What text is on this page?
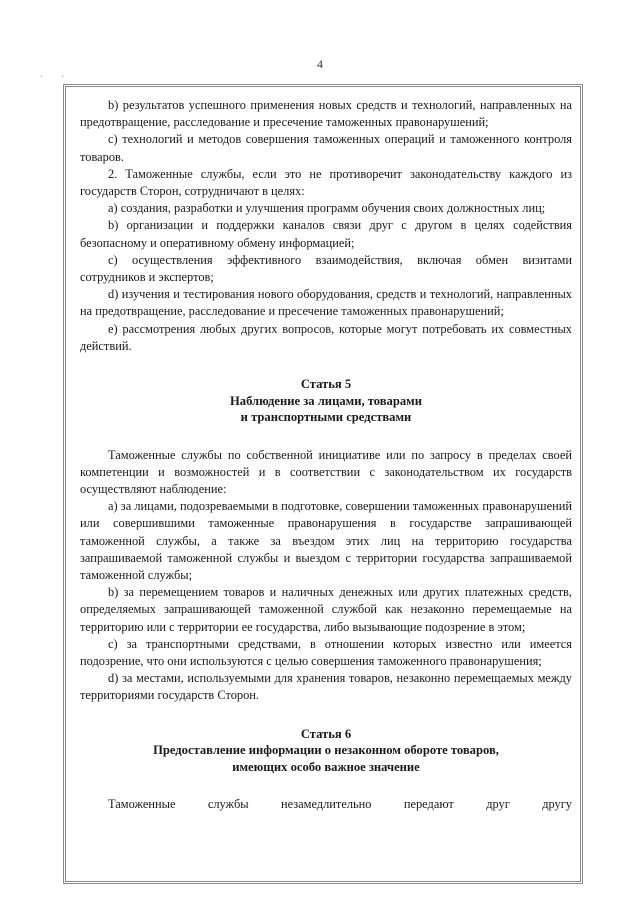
·       ·
4

b) результатов успешного применения новых средств и технологий, направленных на предотвращение, расследование и пресечение таможенных правонарушений;

c) технологий и методов совершения таможенных операций и таможенного контроля товаров.

2. Таможенные службы, если это не противоречит законодательству каждого из государств Сторон, сотрудничают в целях:

a) создания, разработки и улучшения программ обучения своих должностных лиц;

b) организации и поддержки каналов связи друг с другом в целях содействия безопасному и оперативному обмену информацией;

c) осуществления эффективного взаимодействия, включая обмен визитами сотрудников и экспертов;

d) изучения и тестирования нового оборудования, средств и технологий, направленных на предотвращение, расследование и пресечение таможенных правонарушений;

e) рассмотрения любых других вопросов, которые могут потребовать их совместных действий.

Статья 5

Наблюдение за лицами, товарами

и транспортными средствами

Таможенные службы по собственной инициативе или по запросу в пределах своей компетенции и возможностей и в соответствии с законодательством их государств осуществляют наблюдение:

a) за лицами, подозреваемыми в подготовке, совершении таможенных правонарушений или совершившими таможенные правонарушения в государстве запрашивающей таможенной службы, а также за въездом этих лиц на территорию государства запрашиваемой таможенной службы и выездом с территории государства запрашиваемой таможенной службы;

b) за перемещением товаров и наличных денежных или других платежных средств, определяемых запрашивающей таможенной службой как незаконно перемещаемые на территорию или с территории ее государства, либо вызывающие подозрение в этом;

c) за транспортными средствами, в отношении которых известно или имеется подозрение, что они используются с целью совершения таможенного правонарушения;

d) за местами, используемыми для хранения товаров, незаконно перемещаемых между территориями государств Сторон.

Статья 6

Предоставление информации о незаконном обороте товаров,

имеющих особо важное значение

Таможенные	службы	незамедлительно	передают	друг	другу
